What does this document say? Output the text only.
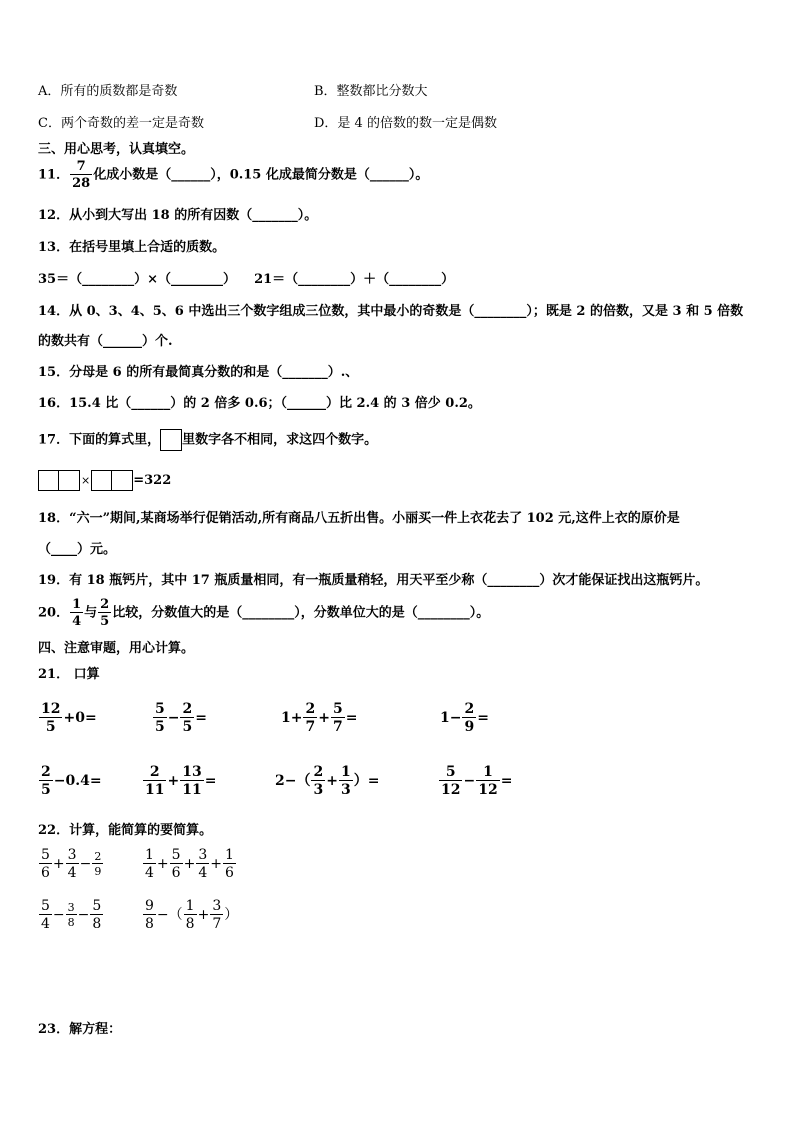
A．所有的质数都是奇数	B．整数都比分数大
C．两个奇数的差一定是奇数	D．是 4 的倍数的数一定是偶数
三、用心思考，认真填空。
11． $\frac{7}{28}$ 化成小数是（______），0.15 化成最简分数是（______）。
12．从小到大写出 18 的所有因数（_______）。
13．在括号里填上合适的质数。
35＝（________）×（________）    21＝（________）＋（________）
14．从 0、3、4、5、6 中选出三个数字组成三位数，其中最小的奇数是（________）；既是 2 的倍数，又是 3 和 5 倍数
的数共有（______）个.
15．分母是 6 的所有最简真分数的和是（_______）.、
16．15.4 比（______）的 2 倍多 0.6；（______）比 2.4 的 3 倍少 0.2。
17．下面的算式里， 里数字各不相同，求这四个数字。
×	=322
18．“六一”期间,某商场举行促销活动,所有商品八五折出售。小丽买一件上衣花去了 102 元,这件上衣的原价是
（____）元。
19．有 18 瓶钙片，其中 17 瓶质量相同，有一瓶质量稍轻，用天平至少称（________）次才能保证找出这瓶钙片。
20． $\frac{1}{4}$ 与 $\frac{2}{5}$ 比较，分数值大的是（________），分数单位大的是（________）。
四、注意审题，用心计算。
21． 口算
$\frac{12}{5} +0=$	$\frac{5}{5} - \frac{2}{5}$ =	$1+ \frac{2}{7} + \frac{5}{7}$ =	$1- \frac{2}{9}$ =
$\frac{2}{5} -0.4=$	$\frac{2}{11} + \frac{13}{11}$ =	$2-( \frac{2}{3} + \frac{1}{3}$ ）=	$\frac{5}{12} - \frac{1}{12}$ =
22．计算，能简算的要简算。
$\frac{5}{6} + \frac{3}{4} - \frac{2}{9}$	$\frac{1}{4} + \frac{5}{6} + \frac{3}{4} + \frac{1}{6}$
$\frac{5}{4} - \frac{3}{8} - \frac{5}{8}$	$\frac{9}{8}$ −（ $\frac{1}{8} + \frac{3}{7}$ ）
23．解方程：
